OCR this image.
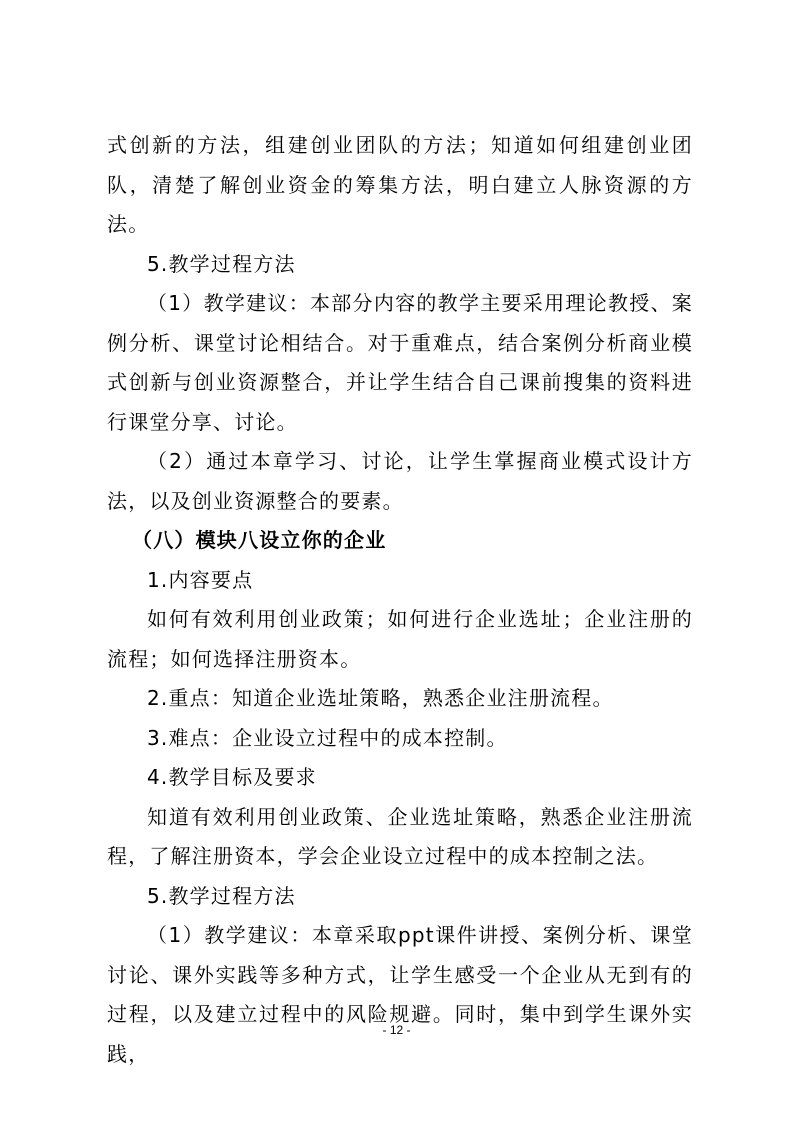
式创新的方法，组建创业团队的方法；知道如何组建创业团队，清楚了解创业资金的筹集方法，明白建立人脉资源的方法。

5.教学过程方法

（1）教学建议：本部分内容的教学主要采用理论教授、案例分析、课堂讨论相结合。对于重难点，结合案例分析商业模式创新与创业资源整合，并让学生结合自己课前搜集的资料进行课堂分享、讨论。

（2）通过本章学习、讨论，让学生掌握商业模式设计方法，以及创业资源整合的要素。

（八）模块八设立你的企业

1.内容要点

如何有效利用创业政策；如何进行企业选址；企业注册的流程；如何选择注册资本。

2.重点：知道企业选址策略，熟悉企业注册流程。

3.难点：企业设立过程中的成本控制。

4.教学目标及要求

知道有效利用创业政策、企业选址策略，熟悉企业注册流程，了解注册资本，学会企业设立过程中的成本控制之法。

5.教学过程方法

（1）教学建议：本章采取ppt课件讲授、案例分析、课堂讨论、课外实践等多种方式，让学生感受一个企业从无到有的过程，以及建立过程中的风险规避。同时，集中到学生课外实践，

- 12 -
